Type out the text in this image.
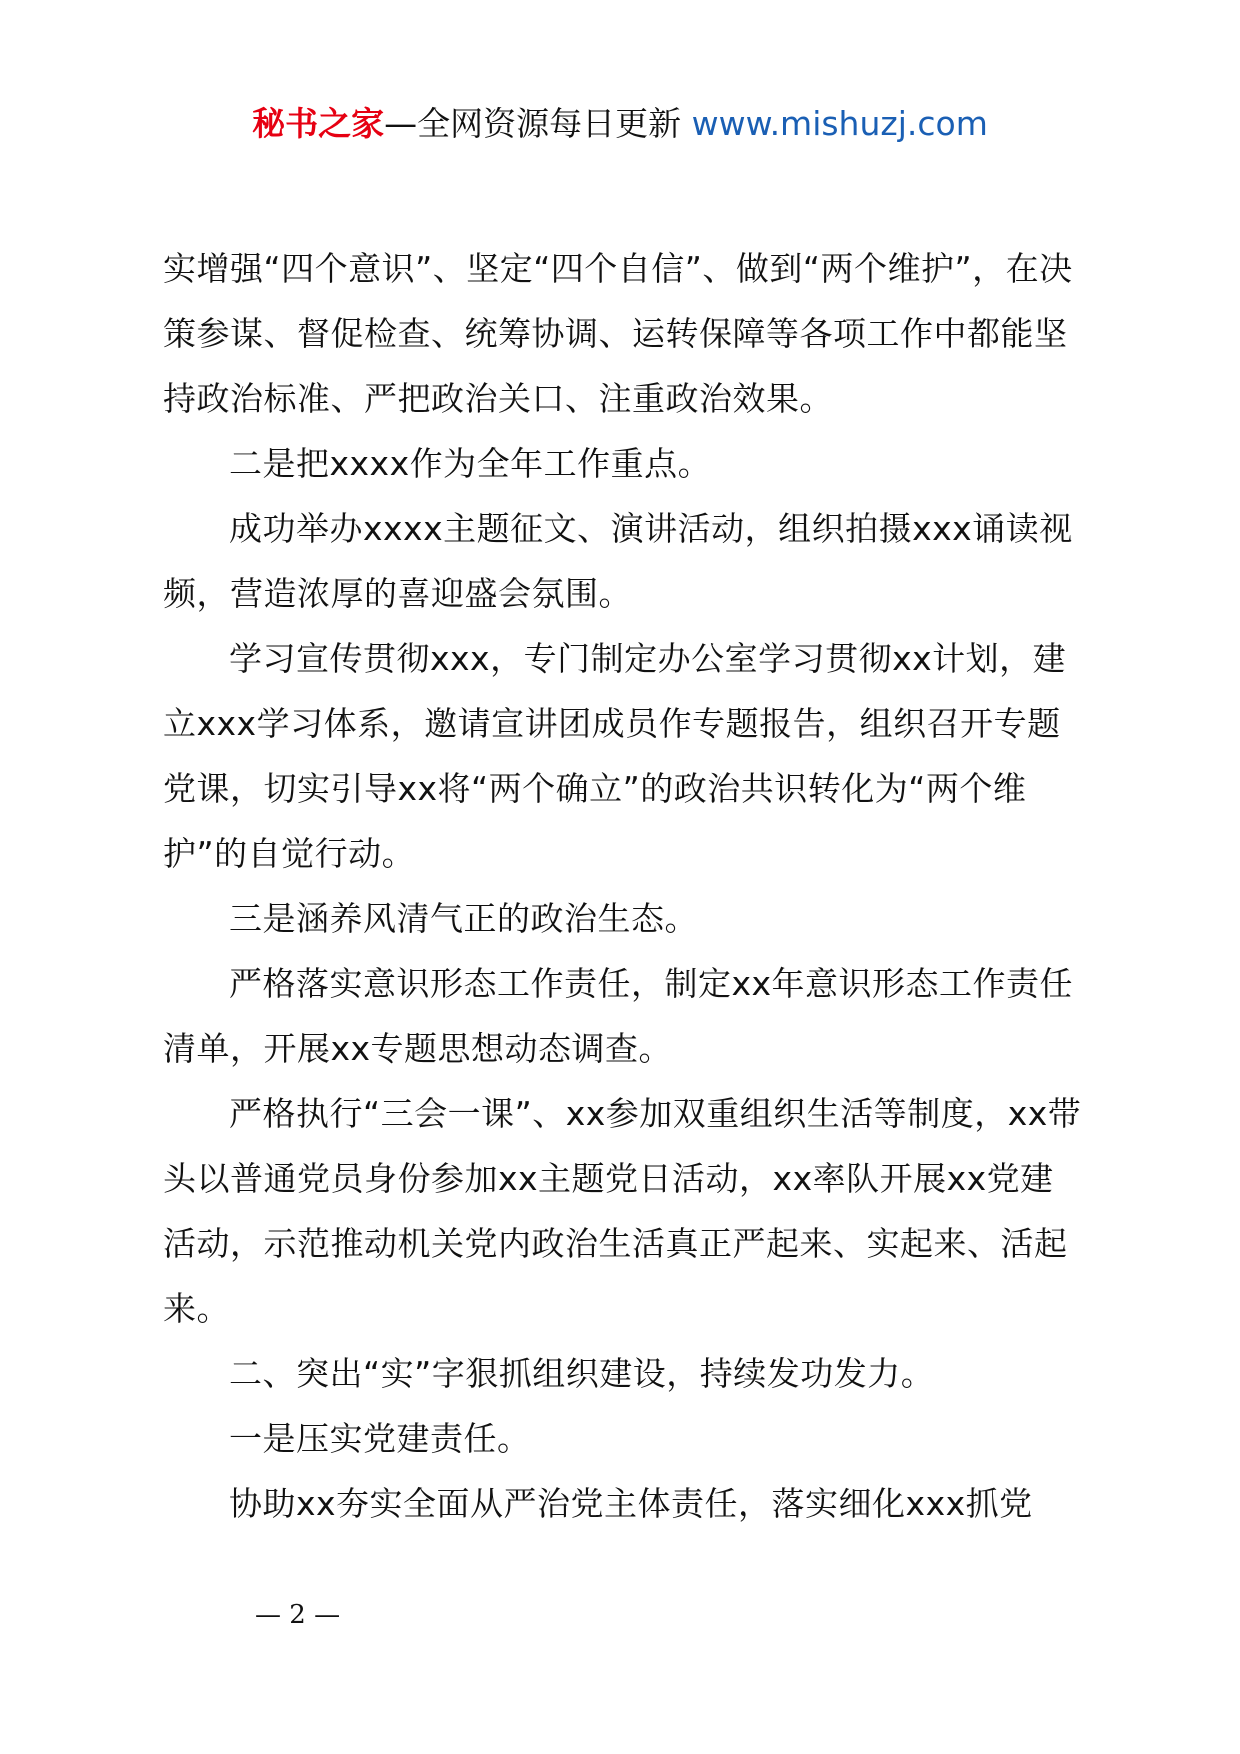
秘书之家—全网资源每日更新 www.mishuzj.com

实增强“四个意识”、坚定“四个自信”、做到“两个维护”，在决策参谋、督促检查、统筹协调、运转保障等各项工作中都能坚持政治标准、严把政治关口、注重政治效果。

二是把xxxx作为全年工作重点。

成功举办xxxx主题征文、演讲活动，组织拍摄xxx诵读视频，营造浓厚的喜迎盛会氛围。

学习宣传贯彻xxx，专门制定办公室学习贯彻xx计划，建立xxx学习体系，邀请宣讲团成员作专题报告，组织召开专题党课，切实引导xx将“两个确立”的政治共识转化为“两个维护”的自觉行动。

三是涵养风清气正的政治生态。

严格落实意识形态工作责任，制定xx年意识形态工作责任清单，开展xx专题思想动态调查。

严格执行“三会一课”、xx参加双重组织生活等制度，xx带头以普通党员身份参加xx主题党日活动，xx率队开展xx党建活动，示范推动机关党内政治生活真正严起来、实起来、活起来。

二、突出“实”字狠抓组织建设，持续发功发力。

一是压实党建责任。

协助xx夯实全面从严治党主体责任，落实细化xxx抓党

— 2 —
